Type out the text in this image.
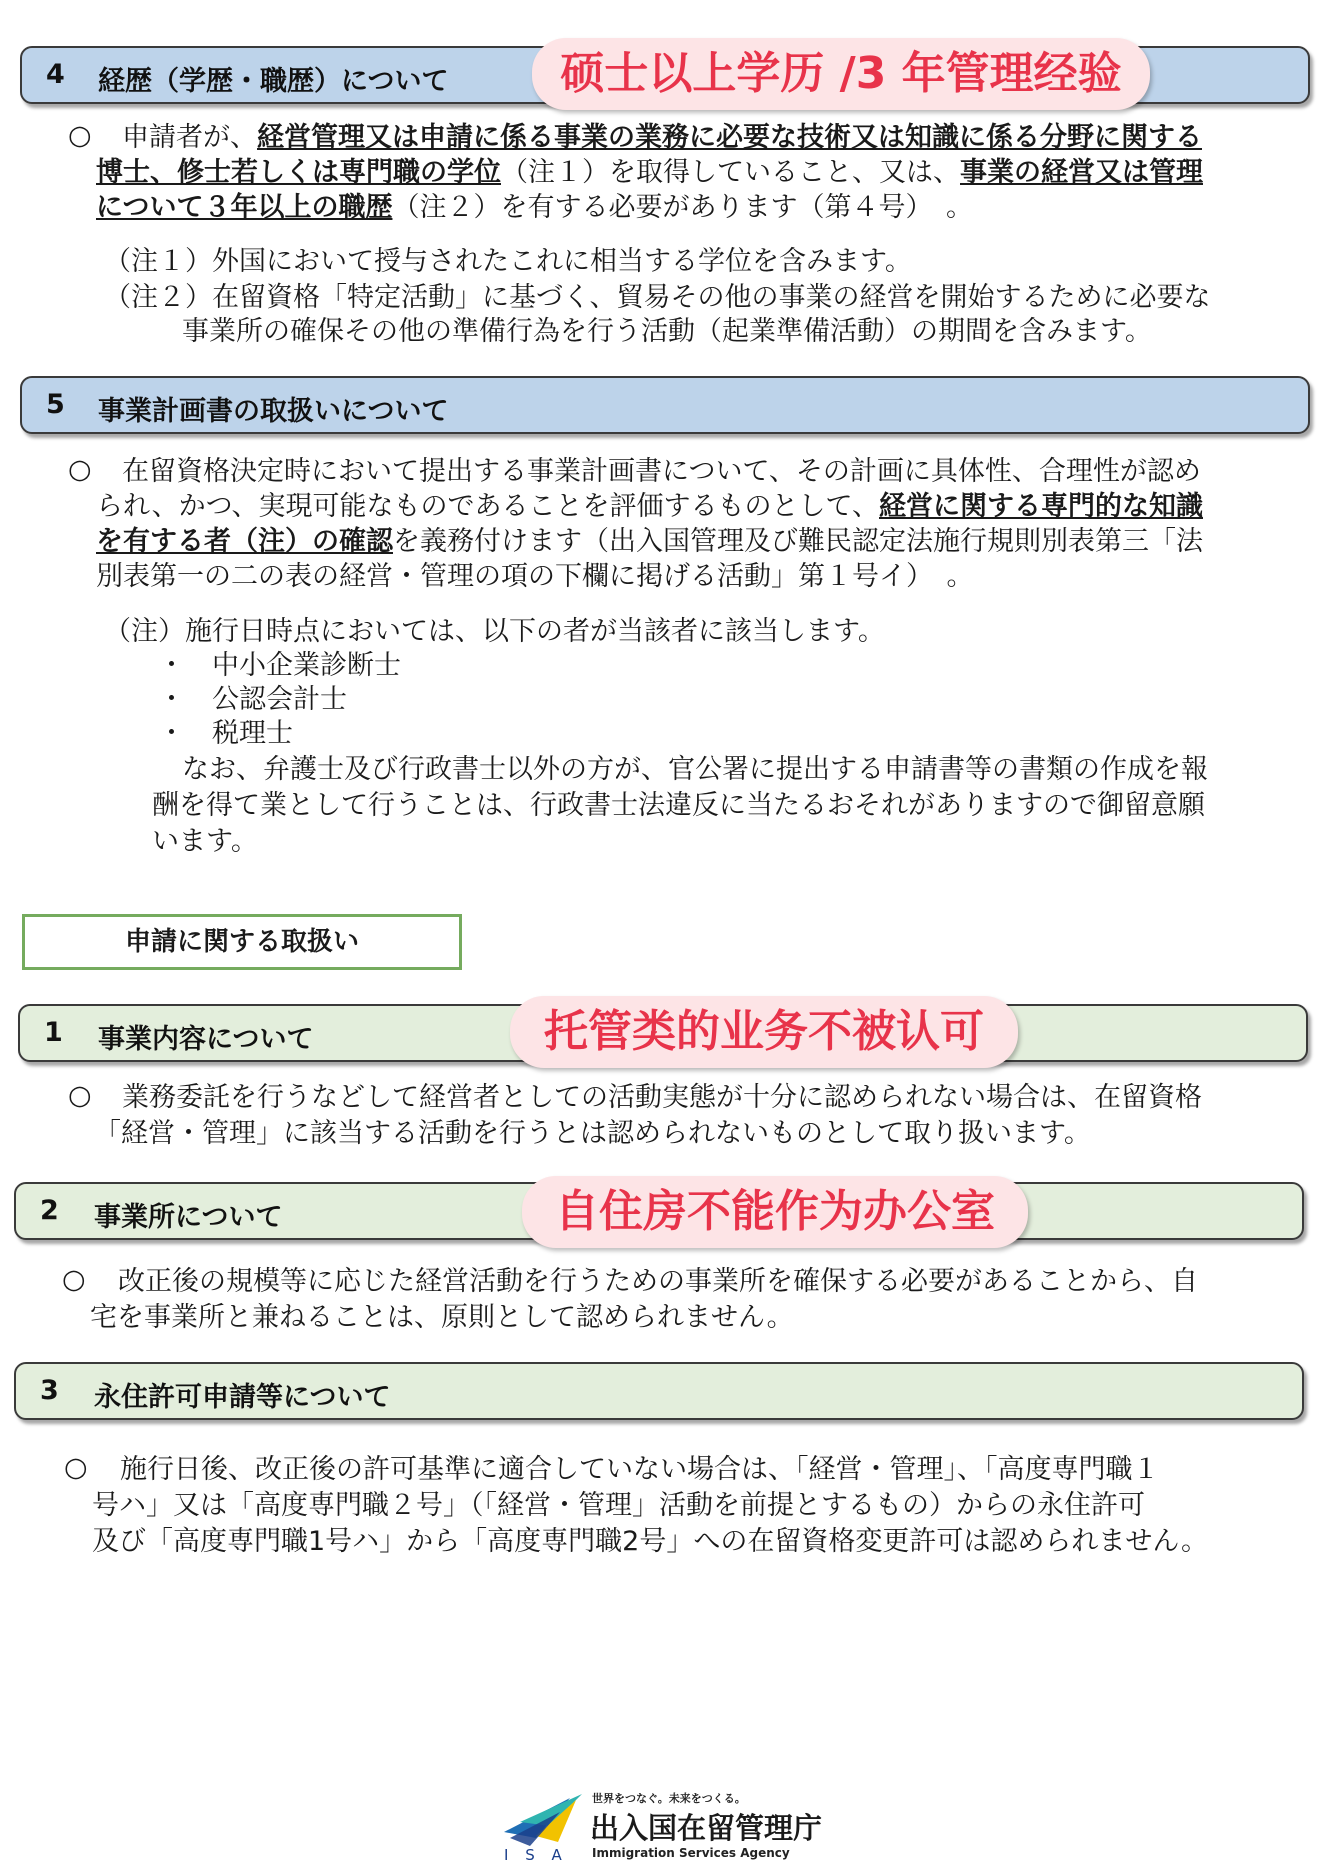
4 経歴（学歴・職歴）について	硕士以上学历 /3 年管理经验
○	申請者が、経営管理又は申請に係る事業の業務に必要な技術又は知識に係る分野に関する
博士、修士若しくは専門職の学位（注１）を取得していること、又は、事業の経営又は管理
について３年以上の職歴（注２）を有する必要があります（第４号）　。
（注１）外国において授与されたこれに相当する学位を含みます。
（注２）在留資格「特定活動」に基づく、貿易その他の事業の経営を開始するために必要な
事業所の確保その他の準備行為を行う活動（起業準備活動）の期間を含みます。
5 事業計画書の取扱いについて
○	在留資格決定時において提出する事業計画書について、その計画に具体性、合理性が認め
られ、かつ、実現可能なものであることを評価するものとして、経営に関する専門的な知識
を有する者（注）の確認を義務付けます（出入国管理及び難民認定法施行規則別表第三「法
別表第一の二の表の経営・管理の項の下欄に掲げる活動」第１号イ）　。
（注）施行日時点においては、以下の者が当該者に該当します。
・ 中小企業診断士
・ 公認会計士
・ 税理士
なお、弁護士及び行政書士以外の方が、官公署に提出する申請書等の書類の作成を報
酬を得て業として行うことは、行政書士法違反に当たるおそれがありますので御留意願
います。
申請に関する取扱い
1 事業内容について	托管类的业务不被认可
○ 業務委託を行うなどして経営者としての活動実態が十分に認められない場合は、在留資格
「経営・管理」に該当する活動を行うとは認められないものとして取り扱います。
2 事業所について	自住房不能作为办公室
○ 改正後の規模等に応じた経営活動を行うための事業所を確保する必要があることから、自
宅を事業所と兼ねることは、原則として認められません。
3 永住許可申請等について
○ 施行日後、改正後の許可基準に適合していない場合は、「経営・管理」、「高度専門職１
号ハ」又は「高度専門職２号」（「経営・管理」活動を前提とするもの）からの永住許可
及び「高度専門職1号ハ」から「高度専門職2号」への在留資格変更許可は認められません。
I S A
世界をつなぐ。未来をつくる。
出入国在留管理庁
Immigration Services Agency
